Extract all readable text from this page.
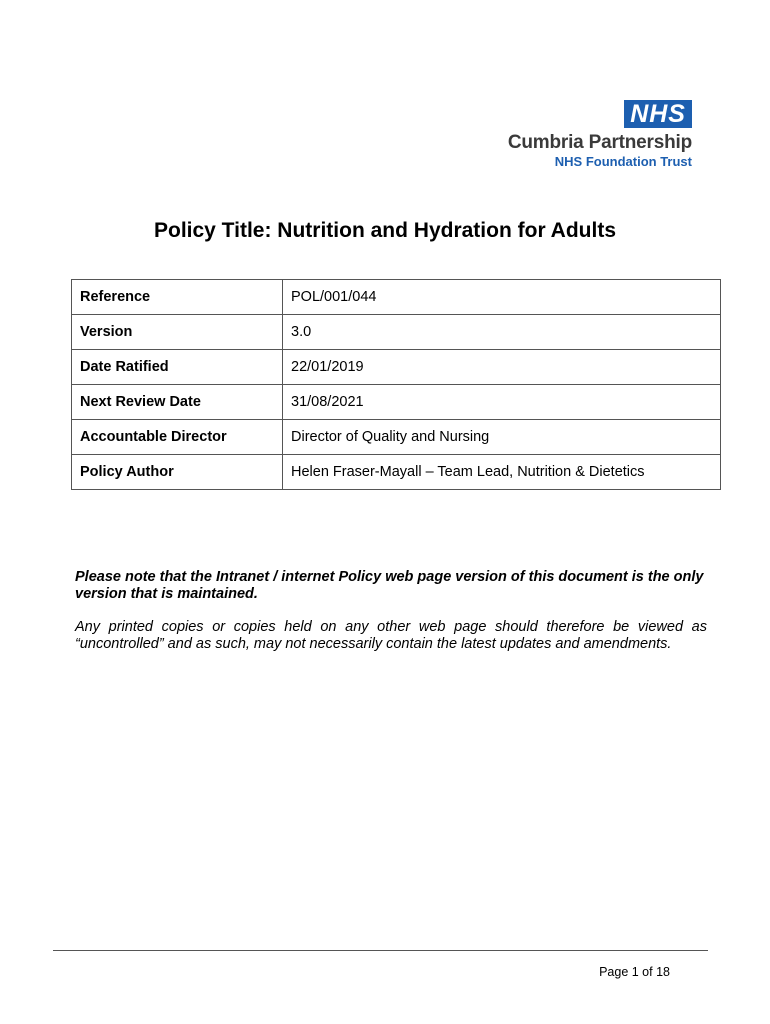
NHS
Cumbria Partnership
NHS Foundation Trust
Policy Title: Nutrition and Hydration for Adults
Reference	POL/001/044
Version	3.0
Date Ratified	22/01/2019
Next Review Date	31/08/2021
Accountable Director	Director of Quality and Nursing
Policy Author	Helen Fraser-Mayall – Team Lead, Nutrition & Dietetics
Please note that the Intranet / internet Policy web page version of this document is the only version that is maintained.
Any printed copies or copies held on any other web page should therefore be viewed as “uncontrolled” and as such, may not necessarily contain the latest updates and amendments.
Page 1 of 18
